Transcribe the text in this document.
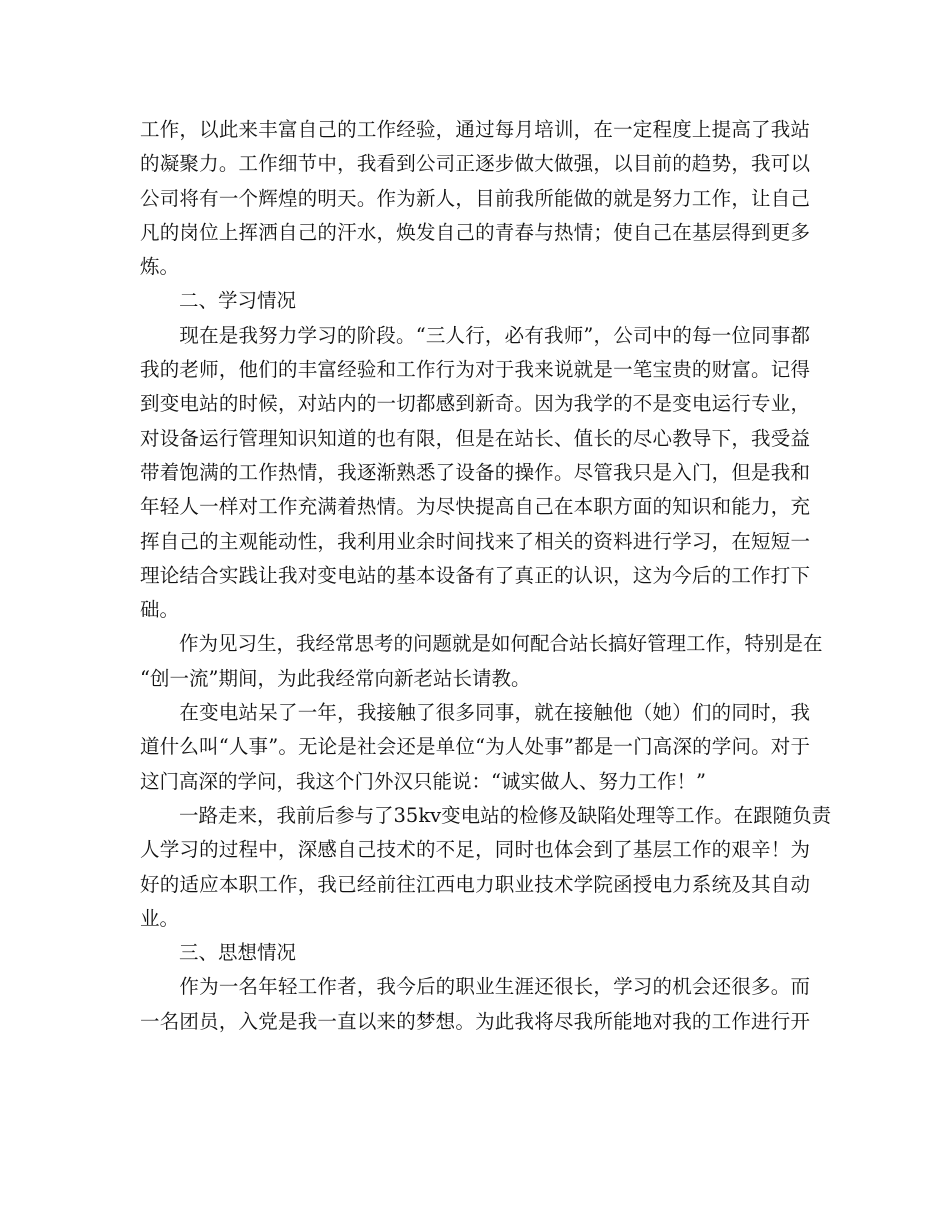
工作，以此来丰富自己的工作经验，通过每月培训，在一定程度上提高了我站
的凝聚力。工作细节中，我看到公司正逐步做大做强，以目前的趋势，我可以
公司将有一个辉煌的明天。作为新人，目前我所能做的就是努力工作，让自己
凡的岗位上挥洒自己的汗水，焕发自己的青春与热情；使自己在基层得到更多
炼。
　　二、学习情况
　　现在是我努力学习的阶段。“三人行，必有我师”，公司中的每一位同事都
我的老师，他们的丰富经验和工作行为对于我来说就是一笔宝贵的财富。记得
到变电站的时候，对站内的一切都感到新奇。因为我学的不是变电运行专业，
对设备运行管理知识知道的也有限，但是在站长、值长的尽心教导下，我受益
带着饱满的工作热情，我逐渐熟悉了设备的操作。尽管我只是入门，但是我和
年轻人一样对工作充满着热情。为尽快提高自己在本职方面的知识和能力，充
挥自己的主观能动性，我利用业余时间找来了相关的资料进行学习，在短短一
理论结合实践让我对变电站的基本设备有了真正的认识，这为今后的工作打下
础。
　　作为见习生，我经常思考的问题就是如何配合站长搞好管理工作，特别是在
“创一流”期间，为此我经常向新老站长请教。
　　在变电站呆了一年，我接触了很多同事，就在接触他（她）们的同时，我
道什么叫“人事”。无论是社会还是单位“为人处事”都是一门高深的学问。对于
这门高深的学问，我这个门外汉只能说：“诚实做人、努力工作！”
　　一路走来，我前后参与了35kv变电站的检修及缺陷处理等工作。在跟随负责
人学习的过程中，深感自己技术的不足，同时也体会到了基层工作的艰辛！为
好的适应本职工作，我已经前往江西电力职业技术学院函授电力系统及其自动
业。
　　三、思想情况
　　作为一名年轻工作者，我今后的职业生涯还很长，学习的机会还很多。而
一名团员，入党是我一直以来的梦想。为此我将尽我所能地对我的工作进行开
